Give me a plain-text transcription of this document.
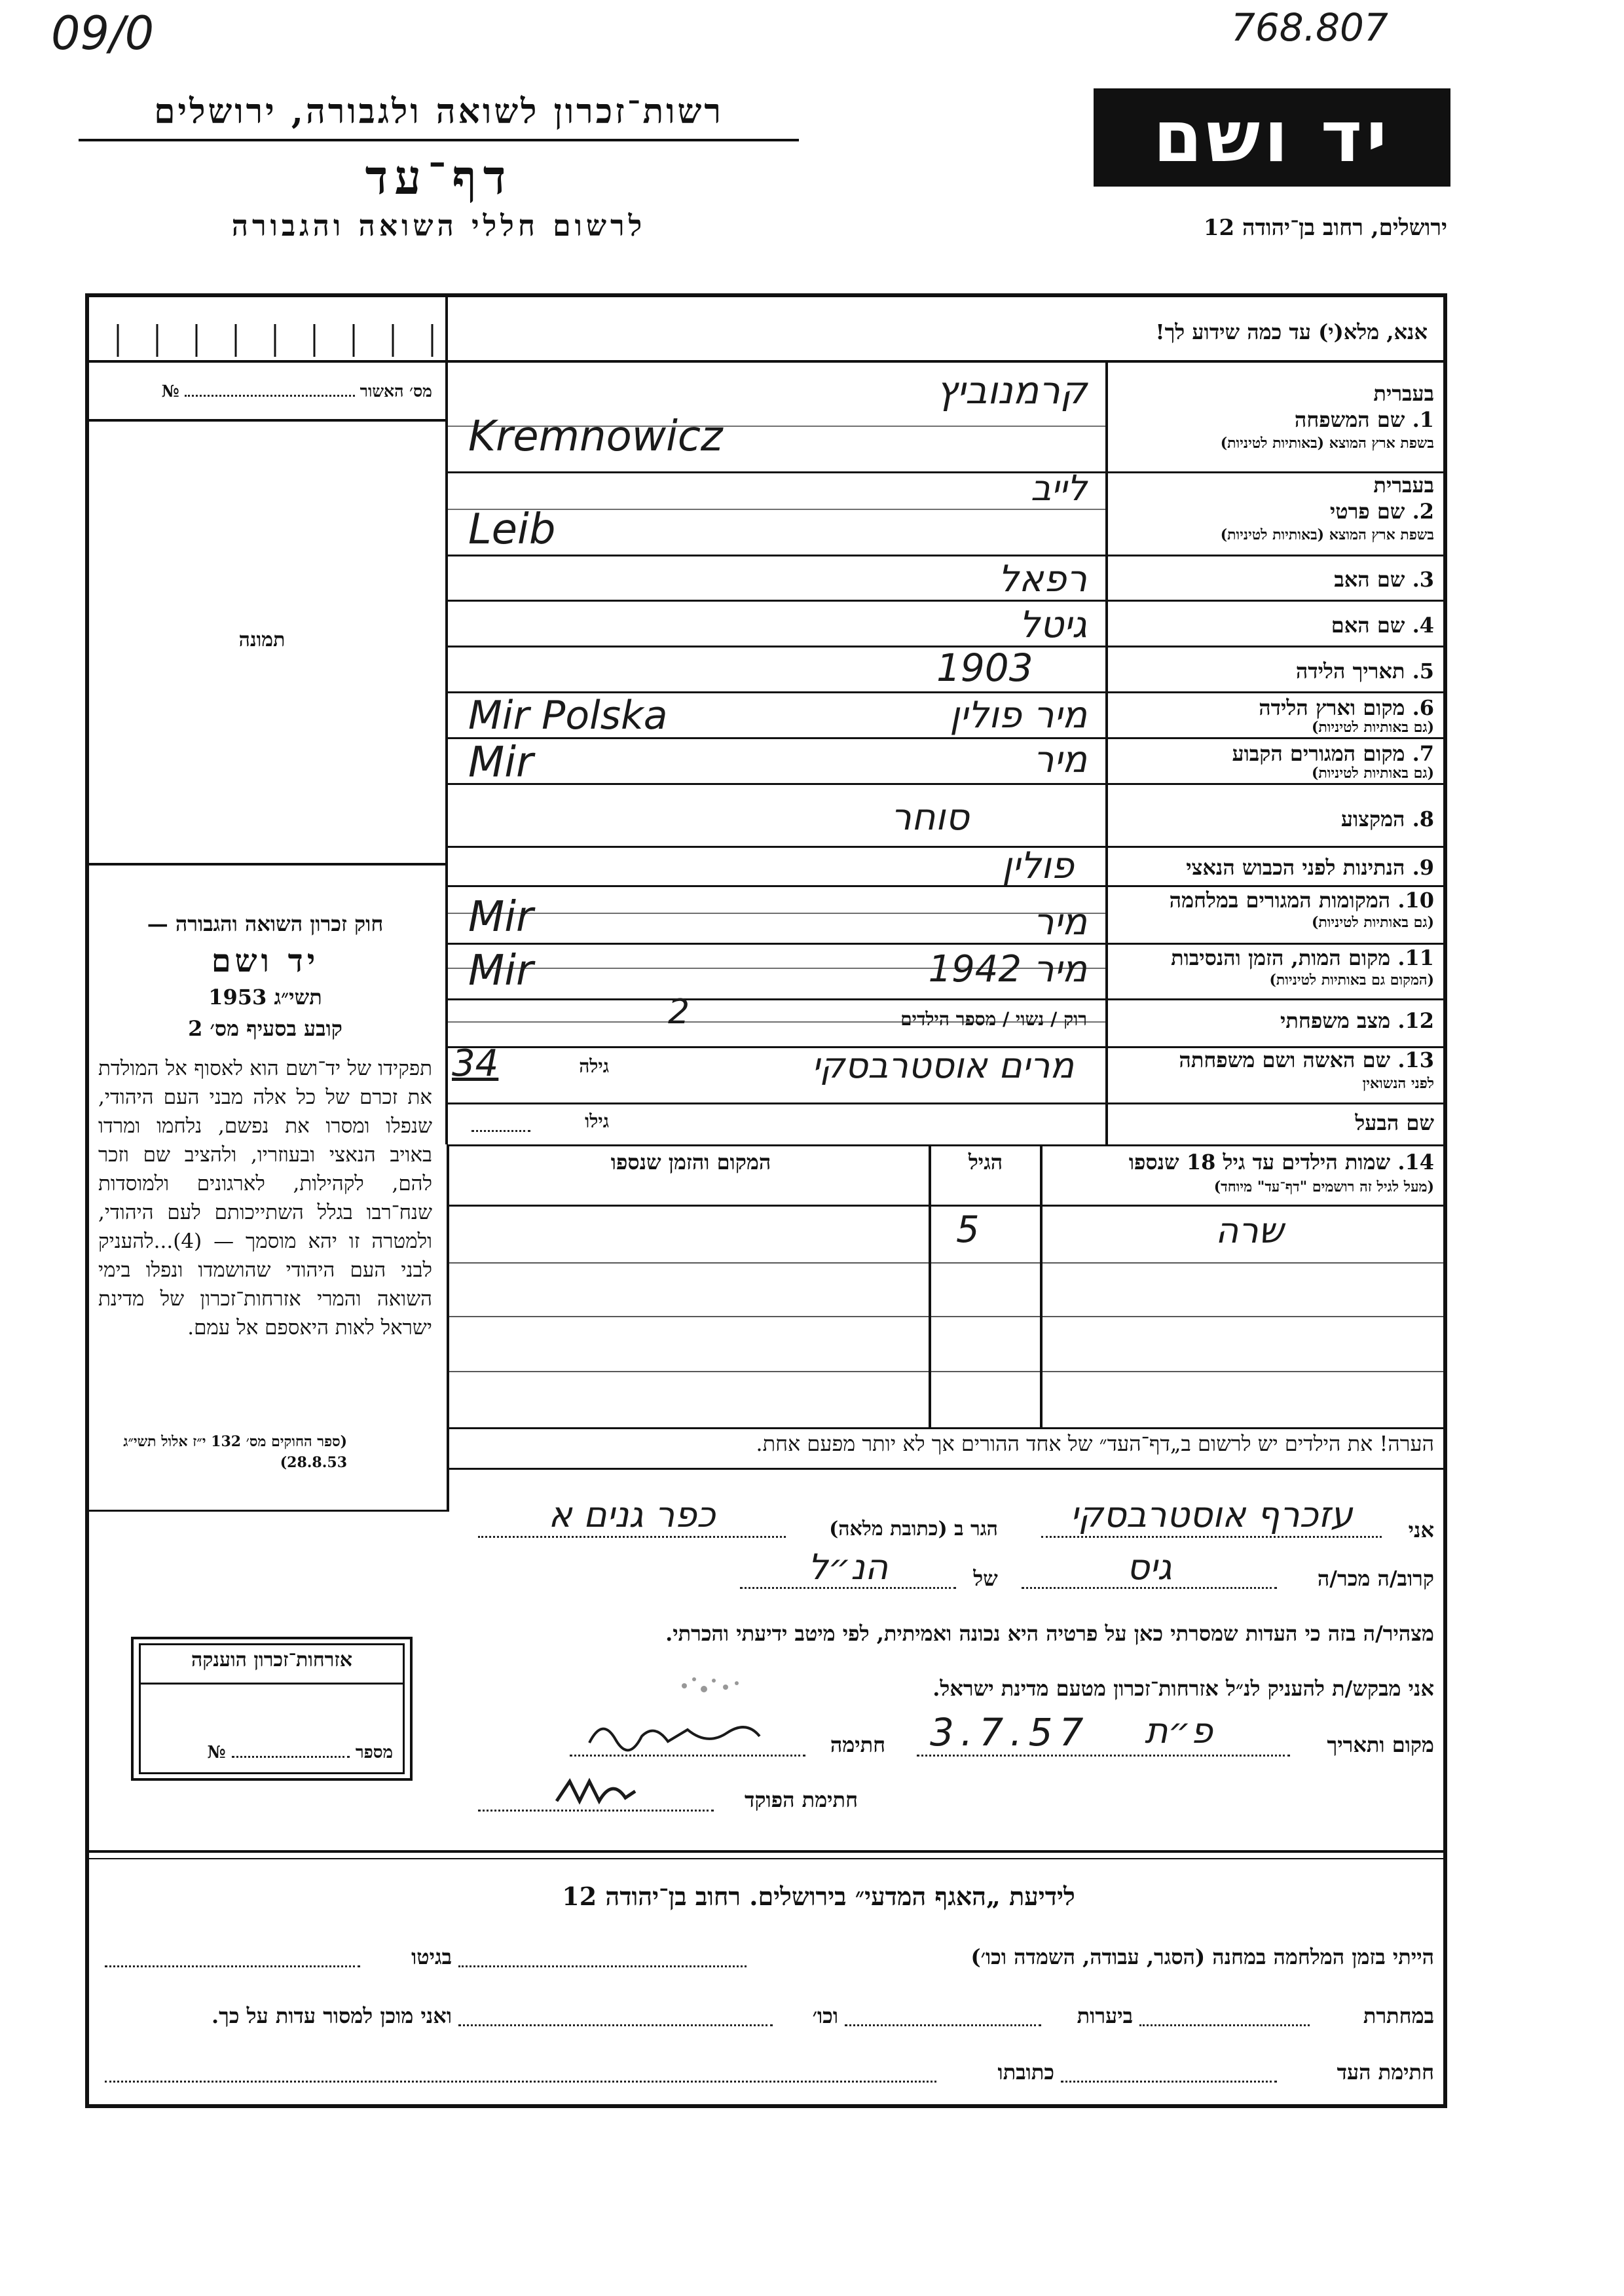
09/0	768.807
רשות־זכרון לשואה ולגבורה, ירושלים
דף־עד
לרשום חללי השואה והגבורה
יד ושם
ירושלים, רחוב בן־יהודה 12
אנא, מלא(י) עד כמה שידוע לך!
מס׳ האשור  №
תמונה
בעברית
1. שם המשפחה
בשפת ארץ המוצא (באותיות לטיניות)
קרמנוביץ
Kremnowicz
בעברית
2. שם פרטי
בשפת ארץ המוצא (באותיות לטיניות)
לייב
Leib
3. שם האב
רפאל
4. שם האם
גיטל
5. תאריך הלידה
1903
6. מקום וארץ הלידה
(גם באותיות לטיניות)
מיר פולין
Mir Polska
7. מקום המגורים הקבוע
(גם באותיות לטיניות)
מיר
Mir
8. המקצוע
סוחר
9. הנתינות לפני הכבוש הנאצי
פולין
10. המקומות המגורים במלחמה
(גם באותיות לטיניות)
מיר
Mir
11. מקום המות, הזמן והנסיבות
(המקום גם באותיות לטיניות)
מיר 1942
Mir
12. מצב משפחתי
רוק / נשוי / מספר הילדים
2
13. שם האשה ושם משפחתה
לפני הנשואין
מרים אוסטרבסקי
גילה
34
שם הבעל
גילו
14. שמות הילדים עד גיל 18 שנספו
(מעל לגיל זה רושמים "דף־עד" מיוחד)
הגיל
המקום והזמן שנספו
שרה
5
חוק זכרון השואה והגבורה —
יד ושם
תשי״ג 1953
קובע בסעיף מס׳ 2
תפקידו של יד־ושם הוא לאסוף אל המולדת את זכרם של כל אלה מבני העם היהודי, שנפלו ומסרו את נפשם, נלחמו ומרדו באויב הנאצי ובעוזריו, ולהציב שם וזכר להם, לקהילות, לארגונים ולמוסדות שנח־רבו בגלל השתייכותם לעם היהודי, ולמטרה זו יהא מוסמך — (4)...להעניק לבני העם היהודי שהושמדו ונפלו בימי השואה והמרי אזרחות־זכרון של מדינת ישראל לאות היאספם אל עמם.
(ספר החוקים מס׳ 132 י״ז אלול תשי״ג 28.8.53)
אזרחות־זכרון הוענקה
מספר  №
הערה! את הילדים יש לרשום ב„דף־העד״ של אחד ההורים אך לא יותר מפעם אחת.
אני
עזכרף אוסטרבסקי
הגר ב (כתובת מלאה)
כפר גנים א
קרוב/ה מכר/ה
גיס
של
הנ״ל
מצהיר/ה בזה כי העדות שמסרתי כאן על פרטיה היא נכונה ואמיתית, לפי מיטב ידיעתי והכרתי.
אני מבקש/ת להעניק לנ״ל אזרחות־זכרון מטעם מדינת ישראל.
מקום ותאריך
פ״ת
3.7.57
חתימה
חתימת הפוקד
לידיעת „האגף המדעי״ בירושלים. רחוב בן־יהודה 12
הייתי בזמן המלחמה במחנה (הסגר, עבודה, השמדה וכו׳)
בגיטו
במחתרת
ביערות
וכו׳
ואני מוכן למסור עדות על כך.
חתימת העד
כתובתו
